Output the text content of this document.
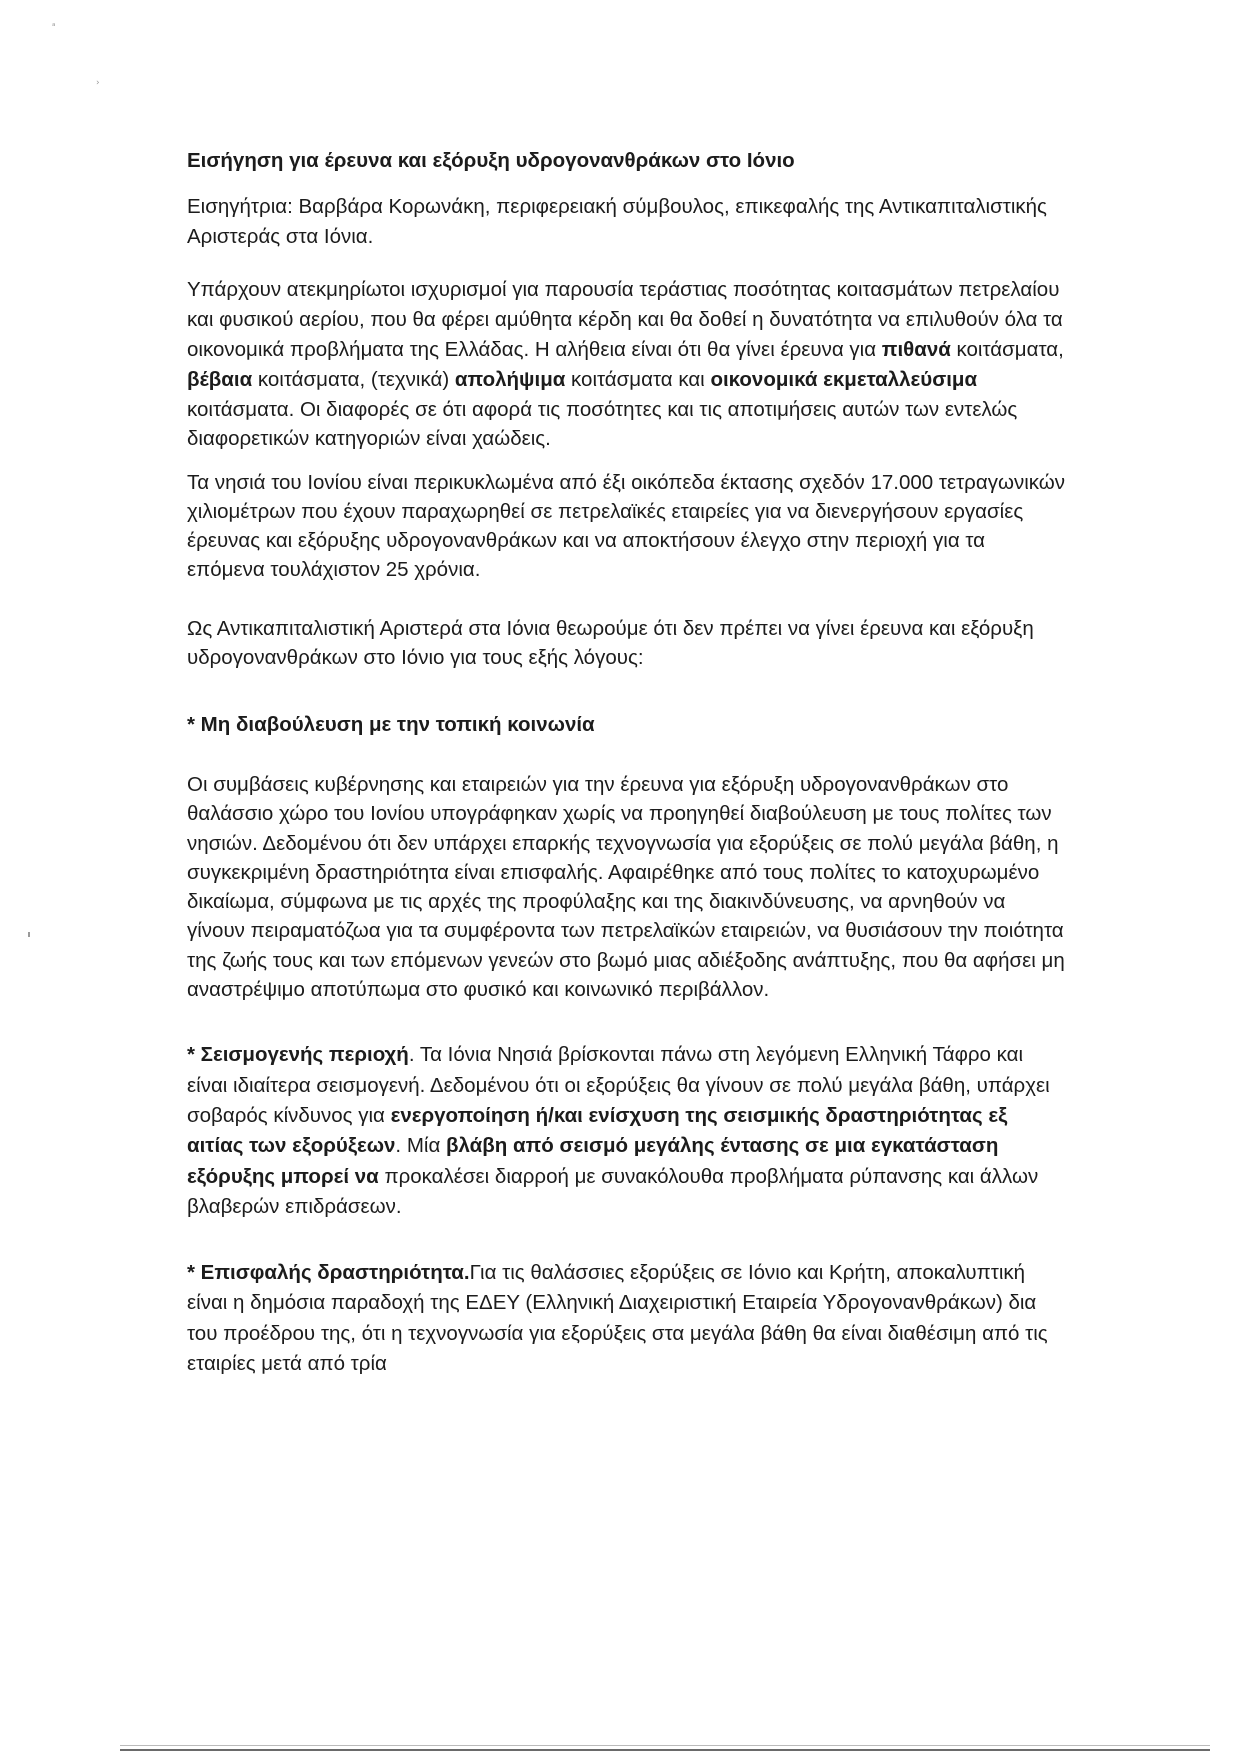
ᵃ
›

Εισήγηση για έρευνα και εξόρυξη υδρογονανθράκων στο Ιόνιο

Εισηγήτρια: Βαρβάρα Κορωνάκη, περιφερειακή σύμβουλος, επικεφαλής της Αντικαπιταλιστικής Αριστεράς στα Ιόνια.

Υπάρχουν ατεκμηρίωτοι ισχυρισμοί για παρουσία τεράστιας ποσότητας κοιτασμάτων πετρελαίου και φυσικού αερίου, που θα φέρει αμύθητα κέρδη και θα δοθεί η δυνατότητα να επιλυθούν όλα τα οικονομικά προβλήματα της Ελλάδας. Η αλήθεια είναι ότι θα γίνει έρευνα για πιθανά κοιτάσματα, βέβαια κοιτάσματα, (τεχνικά) απολήψιμα κοιτάσματα και οικονομικά εκμεταλλεύσιμα κοιτάσματα. Οι διαφορές σε ότι αφορά τις ποσότητες και τις αποτιμήσεις αυτών των εντελώς διαφορετικών κατηγοριών είναι χαώδεις.

Τα νησιά του Ιονίου είναι περικυκλωμένα από έξι οικόπεδα έκτασης σχεδόν 17.000 τετραγωνικών χιλιομέτρων που έχουν παραχωρηθεί σε πετρελαϊκές εταιρείες για να διενεργήσουν εργασίες έρευνας και εξόρυξης υδρογονανθράκων και να αποκτήσουν έλεγχο στην περιοχή για τα επόμενα τουλάχιστον 25 χρόνια.

Ως Αντικαπιταλιστική Αριστερά στα Ιόνια θεωρούμε ότι δεν πρέπει να γίνει έρευνα και εξόρυξη υδρογονανθράκων στο Ιόνιο για τους εξής λόγους:

* Μη διαβούλευση με την τοπική κοινωνία

Οι συμβάσεις κυβέρνησης και εταιρειών για την έρευνα για εξόρυξη υδρογονανθράκων στο θαλάσσιο χώρο του Ιονίου υπογράφηκαν χωρίς να προηγηθεί διαβούλευση με τους πολίτες των νησιών. Δεδομένου ότι δεν υπάρχει επαρκής τεχνογνωσία για εξορύξεις σε πολύ μεγάλα βάθη, η συγκεκριμένη δραστηριότητα είναι επισφαλής. Αφαιρέθηκε από τους πολίτες το κατοχυρωμένο δικαίωμα, σύμφωνα με τις αρχές της προφύλαξης και της διακινδύνευσης, να αρνηθούν να γίνουν πειραματόζωα για τα συμφέροντα των πετρελαϊκών εταιρειών, να θυσιάσουν την ποιότητα της ζωής τους και των επόμενων γενεών στο βωμό μιας αδιέξοδης ανάπτυξης, που θα αφήσει μη αναστρέψιμο αποτύπωμα στο φυσικό και κοινωνικό περιβάλλον.

* Σεισμογενής περιοχή. Τα Ιόνια Νησιά βρίσκονται πάνω στη λεγόμενη Ελληνική Τάφρο και είναι ιδιαίτερα σεισμογενή. Δεδομένου ότι οι εξορύξεις θα γίνουν σε πολύ μεγάλα βάθη, υπάρχει σοβαρός κίνδυνος για ενεργοποίηση ή/και ενίσχυση της σεισμικής δραστηριότητας εξ αιτίας των εξορύξεων. Μία βλάβη από σεισμό μεγάλης έντασης σε μια εγκατάσταση εξόρυξης μπορεί να προκαλέσει διαρροή με συνακόλουθα προβλήματα ρύπανσης και άλλων βλαβερών επιδράσεων.

* Επισφαλής δραστηριότητα.Για τις θαλάσσιες εξορύξεις σε Ιόνιο και Κρήτη, αποκαλυπτική είναι η δημόσια παραδοχή της ΕΔΕΥ (Ελληνική Διαχειριστική Εταιρεία Υδρογονανθράκων) δια του προέδρου της, ότι η τεχνογνωσία για εξορύξεις στα μεγάλα βάθη θα είναι διαθέσιμη από τις εταιρίες μετά από τρία
